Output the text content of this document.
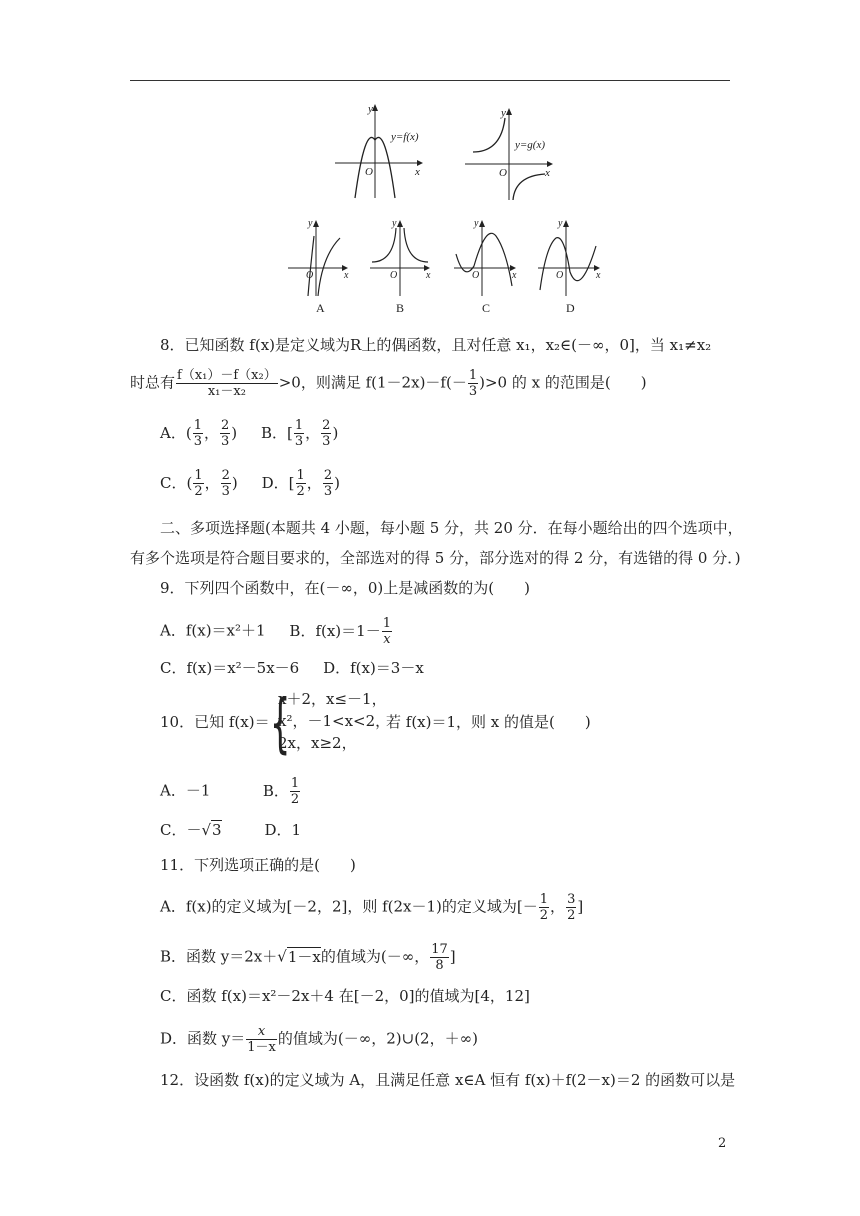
y
x
O
y=f(x)
y
x
O
y=g(x)
y
x
O
A
y
x
O
B
y
x
O
C
y
x
O
D
8．已知函数 f(x)是定义域为R上的偶函数，且对任意 x₁，x₂∈(－∞，0]，当 x₁≠x₂
时总有 $\frac{\text{f（x₁）－f（x₂）}}{\text{x₁－x₂}} >0$，则满足 $f(1-2x)-f(- \frac{1}{3} )>0$ 的 x 的范围是(　　)
A．( $\frac{1}{3}$ ， $\frac{2}{3}$ ) B．[ $\frac{1}{3}$ ， $\frac{2}{3}$ )
C．( $\frac{1}{2}$ ， $\frac{2}{3}$ ) D．[ $\frac{1}{2}$ ， $\frac{2}{3}$ )
二、多项选择题(本题共 4 小题，每小题 5 分，共 20 分．在每小题给出的四个选项中，
有多个选项是符合题目要求的，全部选对的得 5 分，部分选对的得 2 分，有选错的得 0 分．)
9．下列四个函数中，在(－∞，0)上是减函数的为(　　)
A．f(x)＝x²＋1 B．$f(x)=1- \frac{1}{x}$
C．f(x)＝x²－5x－6 D．f(x)＝3－x
10．已知 f(x)＝ {
x＋2，x≤－1，
x²，－1<x<2，
2x，x≥2，
若 f(x)＝1，则 x 的值是(　　)
A．－1	B． $\frac{1}{2}$
C．－√3	D．1
11．下列选项正确的是(　　)
A．f(x)的定义域为[－2，2]，则 f(2x－1)的定义域为[－ $\frac{1}{2}$ ， $\frac{3}{2}$ ]
B．函数 y＝2x＋√1－x的值域为(－∞， $\frac{17}{8}$ ]
C．函数 f(x)＝x²－2x＋4 在[－2，0]的值域为[4，12]
D．函数 $y= \frac{x}{1-x}$ 的值域为(－∞，2)∪(2，＋∞)
12．设函数 f(x)的定义域为 A，且满足任意 x∈A 恒有 f(x)＋f(2－x)＝2 的函数可以是
2
